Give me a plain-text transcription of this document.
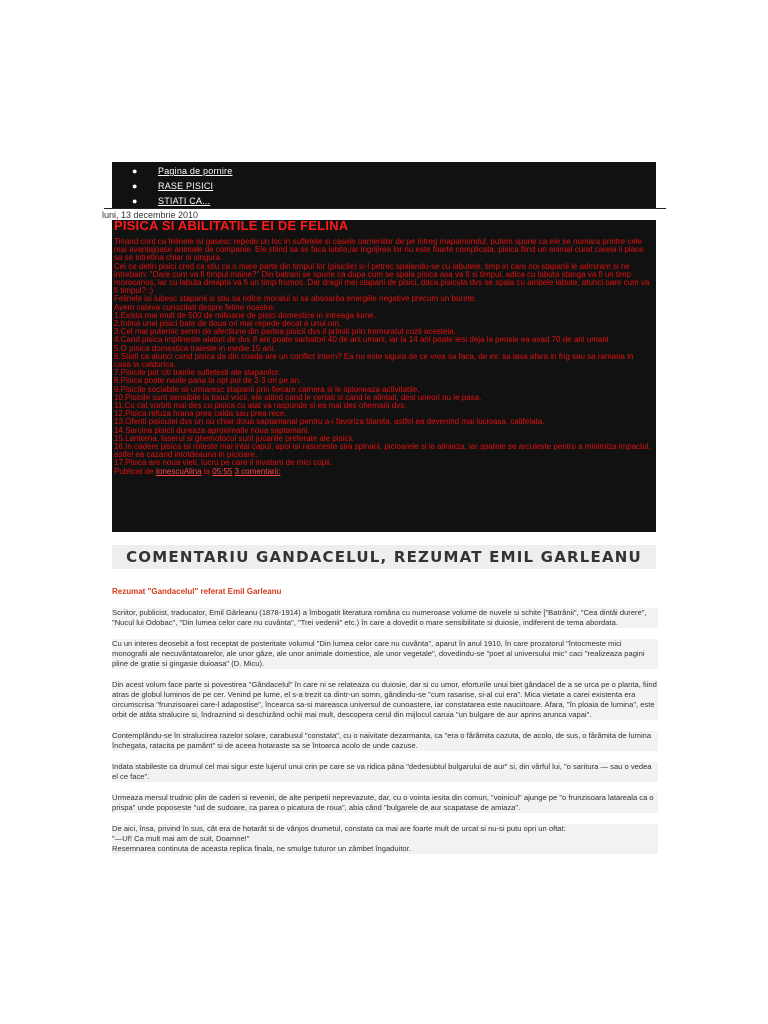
● Pagina de pornire
● RASE PISICI
● STIATI CA...
luni, 13 decembrie 2010
PISICA SI ABILITATILE EI DE FELINA

Tinand cont ca felinele isi gasesc repede un loc in sufletele si casele oamenilor de pe intreg mapamondul, putem spune ca ele se numara printre cele mai avantajoase animale de companie. Ele stiind sa se faca iubite,iar ingrijirea lor nu este foarte complicata, pisica fiind un animal curat careia ii place sa se intretina chiar si singura.

Cei ce detin pisici cred ca stiu ca o mare parte din timpul lor (pisicile) si-l petrec spalandu-se cu labutele, timp in care noi stapanii le admiram si ne intrebam: "Oare cum va fi timpul maine?" Din batrani se spune ca dupa cum se spala pisica asa va fi si timpul, adica cu labuta stanga va fi un timp morocanos, iar cu labuta dreapta va fi un timp frumos. Dar dragii mei stapani de pisici, daca pisicuta dvs se spala cu ambele labute, atunci oare cum va fi timpul? :)

Felinele isi iubesc stapanii si stiu sa ridice moralul si sa absoarba energiile negative precum un burete.

Avem cateva curiozitati despre feline noastre:

1.Exista mai mult de 500 de milioane de pisici domestice in intreaga lume.

2.Inima unei pisici bate de doua ori mai repede decat a unui om.

3.Cel mai puternic semn de afectiune din partea pisicii dvs il primiti prin tremuratul cozii acesteia.

4.Cand pisica implineste alaturi de dvs 8 ani poate sarbatori 40 de ani umani, iar la 14 ani poate iesi deja la pensie ea avad 70 de ani umani.

5.O pisica domestica traieste in medie 15 ani.

6.Stiati ca atunci cand pisica da din coada are un conflict intern? Ea nu este sigura de ce vrea sa faca, de ex: sa iasa afara in frig sau sa ramana in casa la caldurica.

7.Pisicile pot citi trairile sufletesti ale stapanilor.

8.Pisica poate naste pana la opt pui de 2-3 ori pe an.

9.Pisicile sociabile isi urmaresc stapanii prin fiecare camera si le spioneaza activitatile.

10.Pisicile sunt sensibile la tonul vocii, ele stiind cand le certati si cand le alintati, desi uneori nu le pasa.

11.Cu cat vorbiti mai des cu pisica cu atat va raspunde si ea mai des ohemarii dvs.

12.Pisica refuza hrana prea calda sau prea rece.

13.Oferiti pisicutei dvs un ou chiar doua saptamanal pentru a-i favoriza blanita, astfel ea devenind mai lucioasa, catifelata.

14.Sarcina pisicii dureaza aproximativ noua saptamani.

15.Lanterna, laserul si ghemotocul sunt jucariile preferate ale pisicii.

16.In cadere pisica isi roteste mai intai capul, apoi isi rasuceste sira spinarii, picioarele si le aliniaza, iar spatele se arcuieste pentru a minimiza impactul, astfel ea cazand intotdeauna in picioare.

17.Pisica are noua vieti, lucru pe care il invatam de mici copii.

Publicat de IonescuAlina la 05:55 3 comentarii:

COMENTARIU GANDACELUL, REZUMAT EMIL GARLEANU

Rezumat "Gandacelul" referat Emil Garleanu

Scriitor, publicist, traducator, Emil Gârleanu (1878-1914) a îmbogatit literatura româna cu numeroase volume de nuvele si schite ["Batrânii", "Cea dintâi durere", "Nucul lui Odobac", "Din lumea celor care nu cuvânta", "Trei vedenii" etc.) în care a dovedit o mare sensibilitate si duiosie, indiferent de tema abordata.

Cu un interes deosebit a fost receptat de posteritate volumul "Din lumea celor care nu cuvânta", aparut în anul 1910, în care prozatorul "întocmeste mici monografii ale necuvântatoarelor, ale unor gâze, ale unor animale domestice, ale unor vegetale", dovedindu-se "poet al universului mic" caci "realizeaza pagini pline de gratie si gingasie duioasa" (D. Micu).

Din acest volum face parte si povestirea "Gândacelul" în care ni se relateaza cu duiosie, dar si cu umor, eforturile unui biet gândacel de a se urca pe o planta, fiind atras de globul luminos de pe cer. Venind pe lume, el s-a trezit ca dintr-un somn, gândindu-se "cum rasarise, si-al cui era". Mica vietate a carei existenta era circumscrisa "frunzisoarei care-l adapostise", încearca sa-si mareasca universul de cunoastere, iar constatarea este nauciitoare. Afara, "în ploaia de lumina", este orbit de atâta stralucire si, îndraznind si deschizând ochii mai mult, descopera cerul din mijlocul caruia "un bulgare de aur aprins arunca vapai".

Contemplându-se în stralucirea razelor solare, carabusul "constata", cu o naivitate dezarmanta, ca "era o fârâmita cazuta, de acolo, de sus, o fârâmita de lumina închegata, ratacita pe pamânt" si de aceea hotaraste sa se întoarca acolo de unde cazuse.

Indata stabileste ca drumul cel mai sigur este lujerul unui crin pe care se va ridica pâna "dedesubtul bulgarului de aur" si, din vârful lui, "o saritura — sau o vedea el ce face".

Urmeaza mersul trudnic plin de caderi si reveniri, de alte peripetii neprevazute, dar, cu o vointa iesita din comun, "voinicul" ajunge pe "o frunzisoara latareala ca o prispa" unde poposeste "ud de sudoare, ca parea o picatura de roua", abia când "bulgarele de aur scapatase de amiaza".

De aici, însa, privind în sus, cât era de hotarât si de vânjos drumetul, constata ca mai are foarte mult de urcat si nu-si putu opri un oftat:

"—Uf! Ca mult mai am de suit, Doamne!"

Resemnarea continuta de aceasta replica finala, ne smulge tuturor un zâmbet îngaduitor.
